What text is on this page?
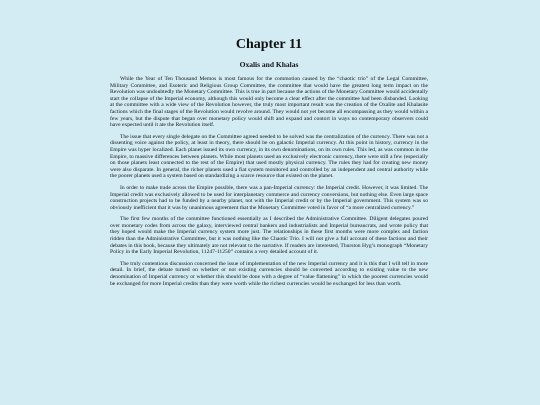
Chapter 11
Oxalis and Khalas

While the Year of Ten Thousand Memos is most famous for the commotion caused by the “chaotic trio” of the Legal Committee, Military Committee, and Esoteric and Religious Group Committee, the committee that would have the greatest long term impact on the Revolution was undoubtedly the Monetary Committee. This is true in part because the actions of the Monetary Committee would accidentally start the collapse of the Imperial economy, although this would only become a clear effect after the committee had been disbanded. Looking at the committee with a wide view of the Revolution however, the truly most important result was the creation of the Oxalite and Khalasite factions which the final stages of the Revolution would revolve around. They would not yet become all encompassing as they would within a few years, but the dispute that began over monetary policy would shift and expand and contort in ways no contemporary observers could have expected until it ate the Revolution itself.

The issue that every single delegate on the Committee agreed needed to be solved was the centralization of the currency. There was not a dissenting voice against the policy, at least in theory, there should be on galactic Imperial currency. At this point in history, currency in the Empire was hyper localized. Each planet issued its own currency, in its own denominations, on its own rules. This led, as was common in the Empire, to massive differences between planets. While most planets used an exclusively electronic currency, there were still a few (especially on those planets least connected to the rest of the Empire) that used mostly physical currency. The rules they had for creating new money were also disparate. In general, the richer planets used a fiat system monitored and controlled by an independent and central authority while the poorer planets used a system based on standardizing a scarce resource that existed on the planet.

In order to make trade across the Empire possible, there was a pan-Imperial currency: the Imperial credit. However, it was limited. The Imperial credit was exclusively allowed to be used for interplanetary commerce and currency conversions, but nothing else. Even large space construction projects had to be funded by a nearby planet, not with the Imperial credit or by the Imperial government. This system was so obviously inefficient that it was by unanimous agreement that the Monetary Committee voted in favor of “a more centralized currency.”

The first few months of the committee functioned essentially as I described the Administrative Committee. Diligent delegates poured over monetary codes from across the galaxy, interviewed central bankers and industrialists and Imperial bureaucrats, and wrote policy that they hoped would make the Imperial currency system more just. The relationships in these first months were more complex and faction ridden than the Administrative Committee, but it was nothing like the Chaotic Trio. I will not give a full account of these factions and their debates in this book, because they ultimately are not relevant to the narrative. If readers are interested, Thurston Hyg’s monograph “Monetary Policy in the Early Imperial Revolution, 11247-11250” contains a very detailed account of it.

The truly contentious discussion concerned the issue of implementation of the new Imperial currency and it is this that I will tell in more detail. In brief, the debate turned on whether or not existing currencies should be converted according to existing value to the new denomination of Imperial currency or whether this should be done with a degree of “value flattening” in which the poorest currencies would be exchanged for more Imperial credits than they were worth while the richest currencies would be exchanged for less than worth.
